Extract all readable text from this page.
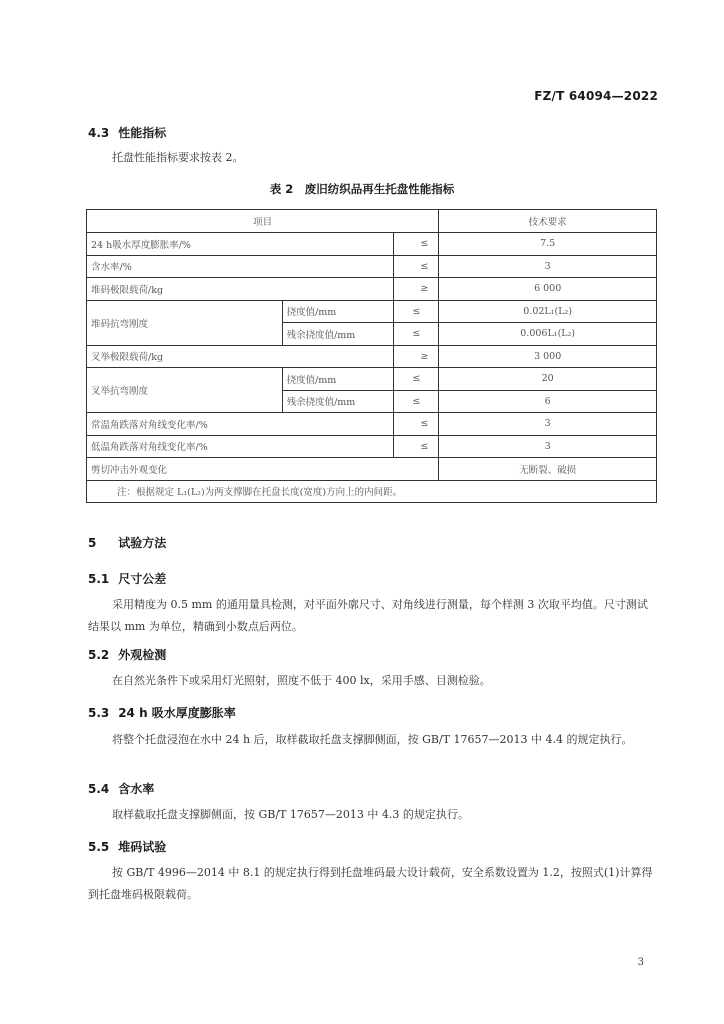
FZ/T 64094—2022
4.3 性能指标
托盘性能指标要求按表 2。
表 2　废旧纺织品再生托盘性能指标
项目			技术要求
24 h吸水厚度膨胀率/%		≤	7.5
含水率/%		≤	3
堆码极限载荷/kg		≥	6 000
堆码抗弯刚度	挠度值/mm	≤	0.02L₁(L₂)
	残余挠度值/mm	≤	0.006L₁(L₂)
叉举极限载荷/kg		≥	3 000
叉举抗弯刚度	挠度值/mm	≤	20
	残余挠度值/mm	≤	6
常温角跌落对角线变化率/%		≤	3
低温角跌落对角线变化率/%		≤	3
剪切冲击外观变化			无断裂、破损
注：根据规定 L₁(L₂)为两支撑脚在托盘长度(宽度)方向上的内间距。			
5 试验方法
5.1 尺寸公差
采用精度为 0.5 mm 的通用量具检测，对平面外廓尺寸、对角线进行测量，每个样测 3 次取平均值。尺寸测试结果以 mm 为单位，精确到小数点后两位。
5.2 外观检测
在自然光条件下或采用灯光照射，照度不低于 400 lx，采用手感、目测检验。
5.3 24 h 吸水厚度膨胀率
将整个托盘浸泡在水中 24 h 后，取样截取托盘支撑脚侧面，按 GB/T 17657—2013 中 4.4 的规定执行。
5.4 含水率
取样截取托盘支撑脚侧面，按 GB/T 17657—2013 中 4.3 的规定执行。
5.5 堆码试验
按 GB/T 4996—2014 中 8.1 的规定执行得到托盘堆码最大设计载荷，安全系数设置为 1.2，按照式(1)计算得到托盘堆码极限载荷。
3
